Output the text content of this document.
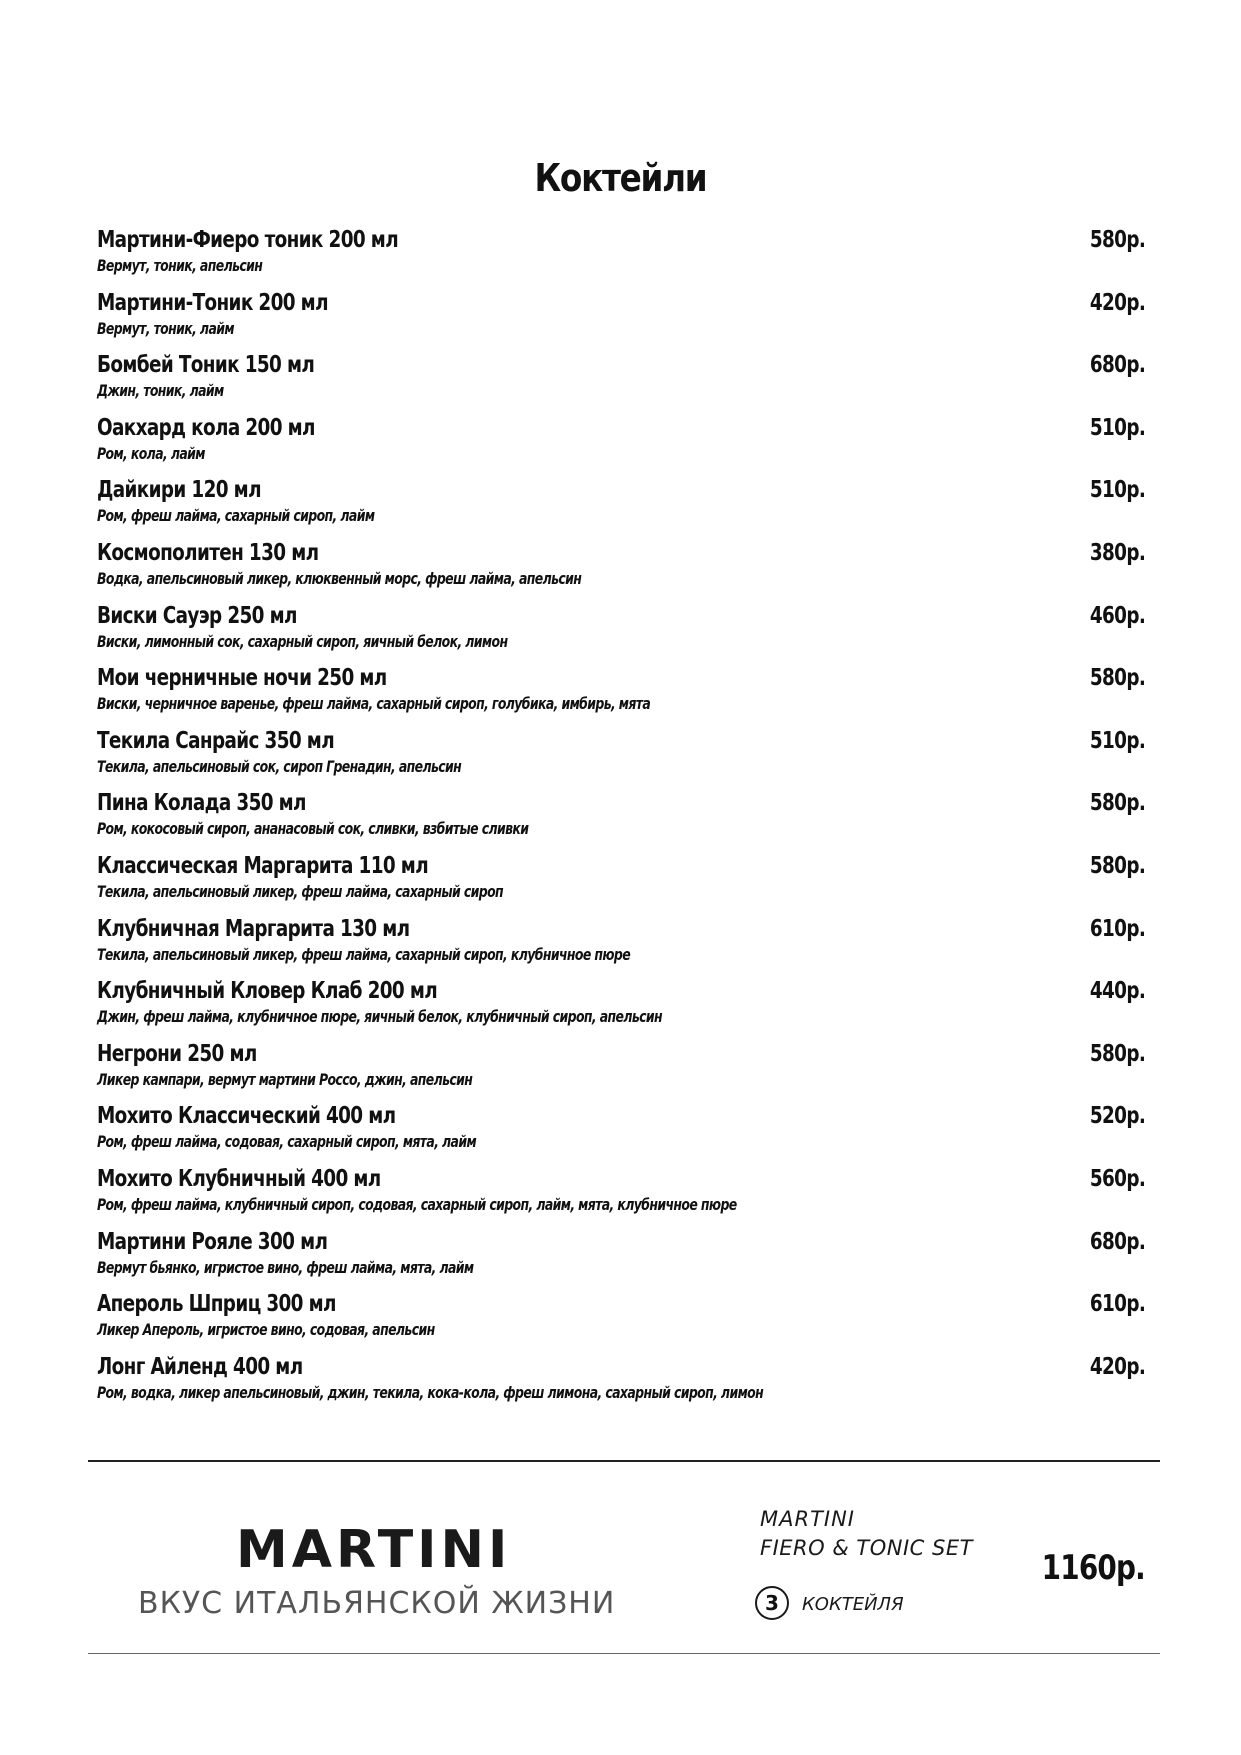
Коктейли
Мартини-Фиеро тоник 200 мл	580р.
Вермут, тоник, апельсин
Мартини-Тоник 200 мл	420р.
Вермут, тоник, лайм
Бомбей Тоник 150 мл	680р.
Джин, тоник, лайм
Оакхард кола 200 мл	510р.
Ром, кола, лайм
Дайкири 120 мл	510р.
Ром, фреш лайма, сахарный сироп, лайм
Космополитен 130 мл	380р.
Водка, апельсиновый ликер, клюквенный морс, фреш лайма, апельсин
Виски Сауэр 250 мл	460р.
Виски, лимонный сок, сахарный сироп, яичный белок, лимон
Мои черничные ночи 250 мл	580р.
Виски, черничное варенье, фреш лайма, сахарный сироп, голубика, имбирь, мята
Текила Санрайс 350 мл	510р.
Текила, апельсиновый сок, сироп Гренадин, апельсин
Пина Колада 350 мл	580р.
Ром, кокосовый сироп, ананасовый сок, сливки, взбитые сливки
Классическая Маргарита 110 мл	580р.
Текила, апельсиновый ликер, фреш лайма, сахарный сироп
Клубничная Маргарита 130 мл	610р.
Текила, апельсиновый ликер, фреш лайма, сахарный сироп, клубничное пюре
Клубничный Кловер Клаб 200 мл	440р.
Джин, фреш лайма, клубничное пюре, яичный белок, клубничный сироп, апельсин
Негрони 250 мл	580р.
Ликер кампари, вермут мартини Россо, джин, апельсин
Мохито Классический 400 мл	520р.
Ром, фреш лайма, содовая, сахарный сироп, мята, лайм
Мохито Клубничный 400 мл	560р.
Ром, фреш лайма, клубничный сироп, содовая, сахарный сироп, лайм, мята, клубничное пюре
Мартини Рояле 300 мл	680р.
Вермут бьянко, игристое вино, фреш лайма, мята, лайм
Апероль Шприц 300 мл	610р.
Ликер Апероль, игристое вино, содовая, апельсин
Лонг Айленд 400 мл	420р.
Ром, водка, ликер апельсиновый, джин, текила, кока-кола, фреш лимона, сахарный сироп, лимон
MARTINI
ВКУС ИТАЛЬЯНСКОЙ ЖИЗНИ
MARTINI
FIERO & TONIC SET
3	КОКТЕЙЛЯ
1160р.
